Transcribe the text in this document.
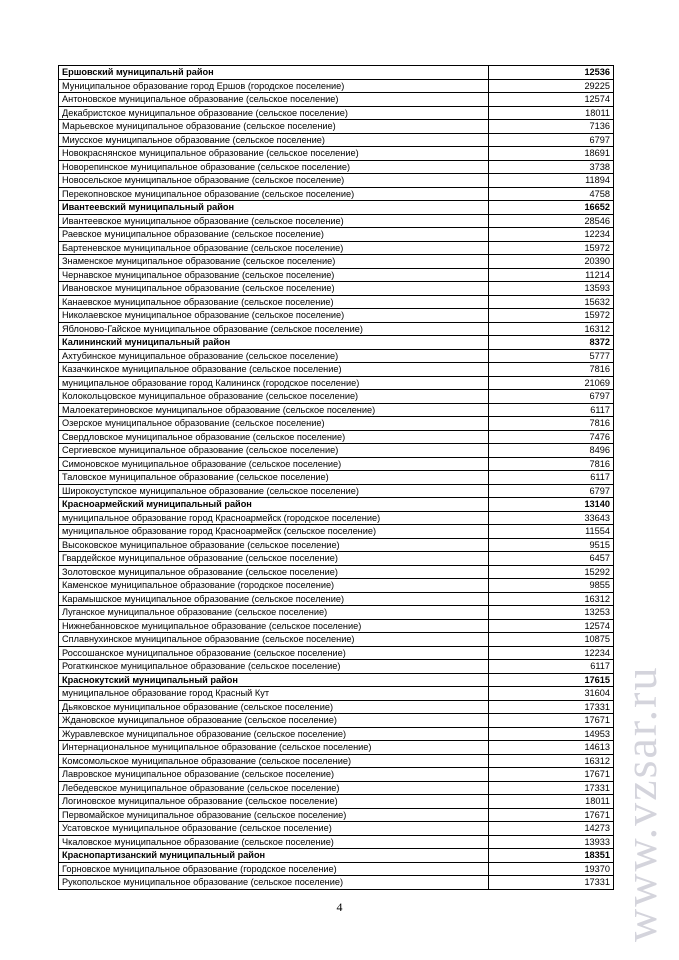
Ершовский муниципальнй район	12536
Муниципальное образование город Ершов (городское поселение)	29225
Антоновское муниципальное образование (сельское поселение)	12574
Декабристское муниципальное образование (сельское поселение)	18011
Марьевское муниципальное образование (сельское поселение)	7136
Миусское муниципальное образование (сельское поселение)	6797
Новокраснянское муниципальное образование (сельское поселение)	18691
Новорепинское муниципальное образование (сельское поселение)	3738
Новосельское муниципальное образование (сельское поселение)	11894
Перекопновское муниципальное образование (сельское поселение)	4758
Ивантеевский муниципальный район	16652
Ивантеевское муниципальное образование (сельское поселение)	28546
Раевское муниципальное образование (сельское поселение)	12234
Бартеневское муниципальное образование (сельское поселение)	15972
Знаменское муниципальное образование (сельское поселение)	20390
Чернавское муниципальное образование (сельское поселение)	11214
Ивановское муниципальное образование (сельское поселение)	13593
Канаевское муниципальное образование (сельское поселение)	15632
Николаевское муниципальное образование (сельское поселение)	15972
Яблоново-Гайское муниципальное образование (сельское поселение)	16312
Калининский муниципальный район	8372
Ахтубинское муниципальное образование (сельское поселение)	5777
Казачкинское муниципальное образование (сельское поселение)	7816
муниципальное образование город Калининск (городское поселение)	21069
Колокольцовское муниципальное образование (сельское поселение)	6797
Малоекатериновское муниципальное образование (сельское поселение)	6117
Озерское муниципальное образование (сельское поселение)	7816
Свердловское муниципальное образование (сельское поселение)	7476
Сергиевское муниципальное образование (сельское поселение)	8496
Симоновское муниципальное образование (сельское поселение)	7816
Таловское муниципальное образование (сельское поселение)	6117
Широкоуступское муниципальное образование (сельское поселение)	6797
Красноармейский муниципальный район	13140
муниципальное образование город Красноармейск (городское поселение)	33643
муниципальное образование город Красноармейск (сельское поселение)	11554
Высоковское муниципальное образование (сельское поселение)	9515
Гвардейское муниципальное образование (сельское поселение)	6457
Золотовское муниципальное образование (сельское поселение)	15292
Каменское муниципальное образование (городское поселение)	9855
Карамышское муниципальное образование (сельское поселение)	16312
Луганское муниципальное образование (сельское поселение)	13253
Нижнебанновское муниципальное образование (сельское поселение)	12574
Сплавнухинское муниципальное образование (сельское поселение)	10875
Россошанское муниципальное образование (сельское поселение)	12234
Рогаткинское муниципальное образование (сельское поселение)	6117
Краснокутский муниципальный район	17615
муниципальное образование город Красный Кут	31604
Дьяковское муниципальное образование (сельское поселение)	17331
Ждановское муниципальное образование (сельское поселение)	17671
Журавлевское муниципальное образование (сельское поселение)	14953
Интернациональное муниципальное образование (сельское поселение)	14613
Комсомольское муниципальное образование (сельское поселение)	16312
Лавровское муниципальное образование (сельское поселение)	17671
Лебедевское муниципальное образование (сельское поселение)	17331
Логиновское муниципальное образование (сельское поселение)	18011
Первомайское муниципальное образование (сельское поселение)	17671
Усатовское муниципальное образование (сельское поселение)	14273
Чкаловское муниципальное образование (сельское поселение)	13933
Краснопартизанский муниципальный район	18351
Горновское муниципальное образование (городское поселение)	19370
Рукопольское муниципальное образование (сельское поселение)	17331
4	www.vzsar.ru
